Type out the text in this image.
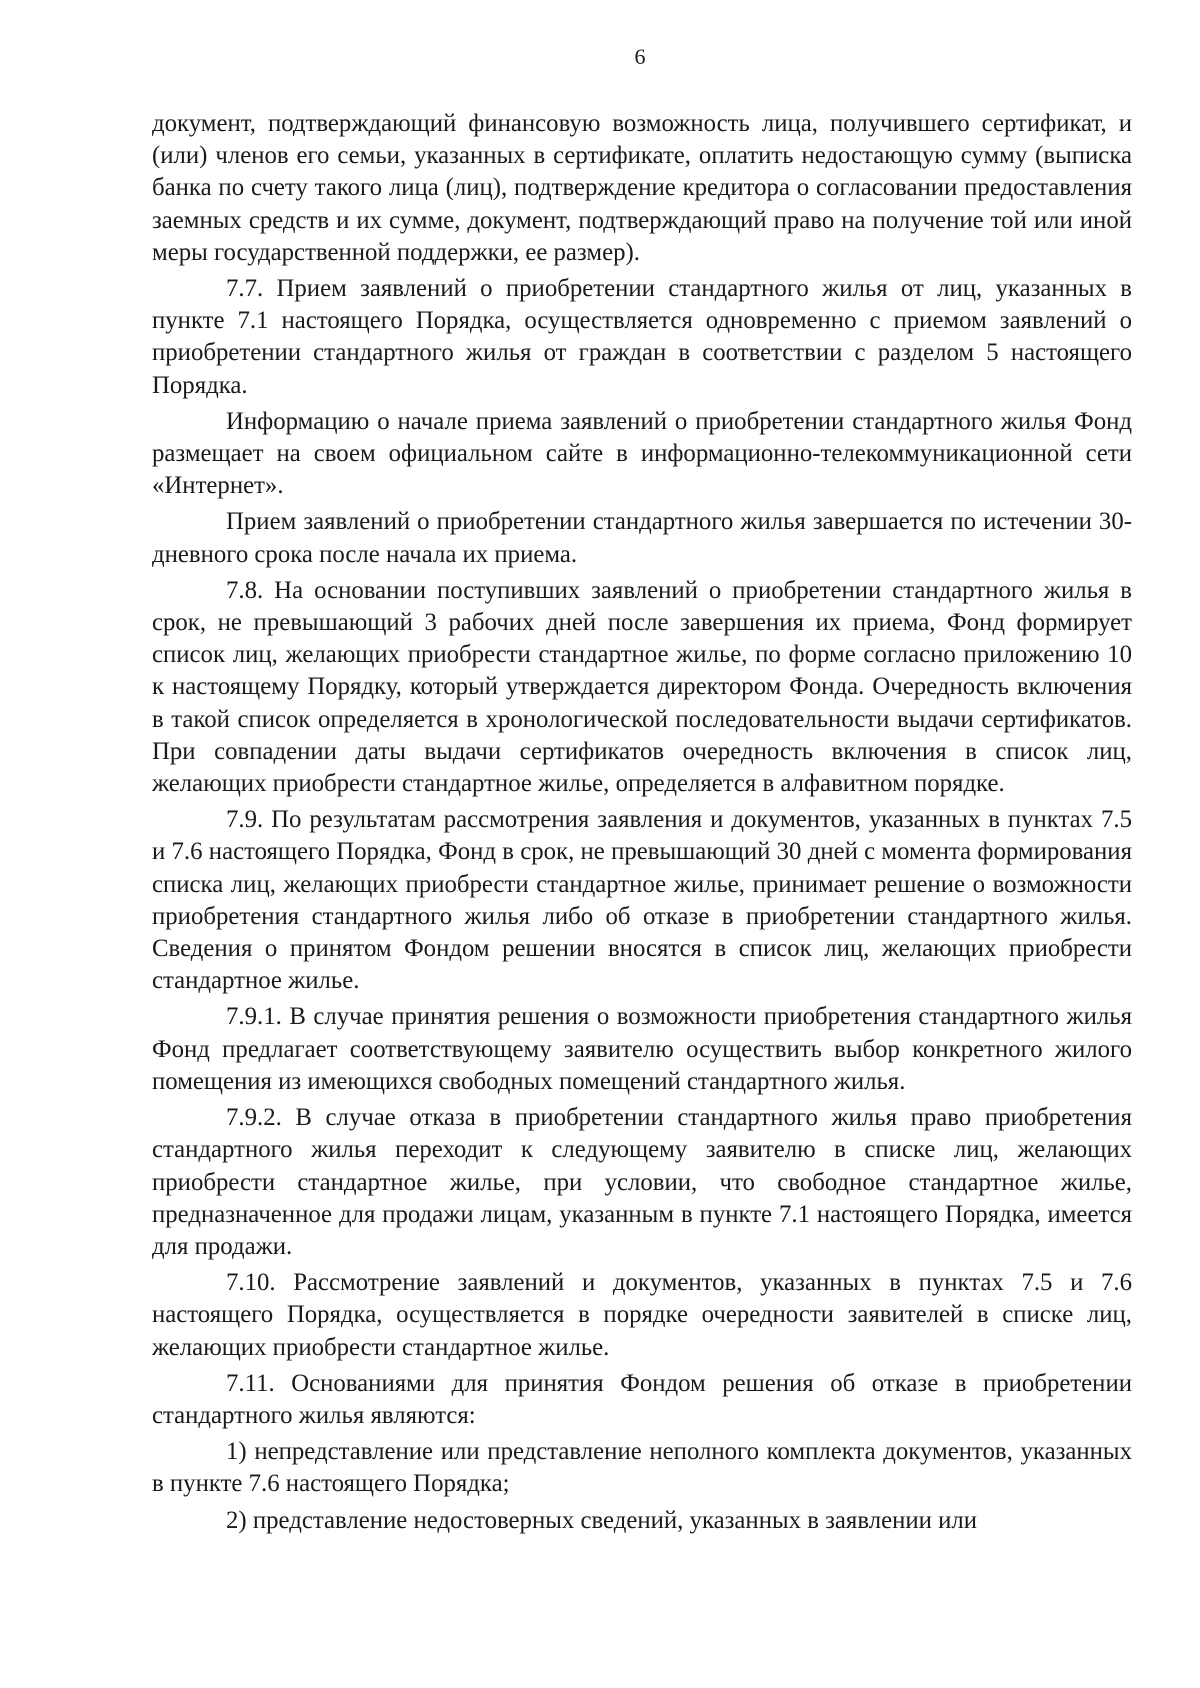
6

документ, подтверждающий финансовую возможность лица, получившего сертификат, и (или) членов его семьи, указанных в сертификате, оплатить недостающую сумму (выписка банка по счету такого лица (лиц), подтверждение кредитора о согласовании предоставления заемных средств и их сумме, документ, подтверждающий право на получение той или иной меры государственной поддержки, ее размер).

7.7. Прием заявлений о приобретении стандартного жилья от лиц, указанных в пункте 7.1 настоящего Порядка, осуществляется одновременно с приемом заявлений о приобретении стандартного жилья от граждан в соответствии с разделом 5 настоящего Порядка.

Информацию о начале приема заявлений о приобретении стандартного жилья Фонд размещает на своем официальном сайте в информационно-телекоммуникационной сети «Интернет».

Прием заявлений о приобретении стандартного жилья завершается по истечении 30-дневного срока после начала их приема.

7.8. На основании поступивших заявлений о приобретении стандартного жилья в срок, не превышающий 3 рабочих дней после завершения их приема, Фонд формирует список лиц, желающих приобрести стандартное жилье, по форме согласно приложению 10 к настоящему Порядку, который утверждается директором Фонда. Очередность включения в такой список определяется в хронологической последовательности выдачи сертификатов. При совпадении даты выдачи сертификатов очередность включения в список лиц, желающих приобрести стандартное жилье, определяется в алфавитном порядке.

7.9. По результатам рассмотрения заявления и документов, указанных в пунктах 7.5 и 7.6 настоящего Порядка, Фонд в срок, не превышающий 30 дней с момента формирования списка лиц, желающих приобрести стандартное жилье, принимает решение о возможности приобретения стандартного жилья либо об отказе в приобретении стандартного жилья. Сведения о принятом Фондом решении вносятся в список лиц, желающих приобрести стандартное жилье.

7.9.1. В случае принятия решения о возможности приобретения стандартного жилья Фонд предлагает соответствующему заявителю осуществить выбор конкретного жилого помещения из имеющихся свободных помещений стандартного жилья.

7.9.2. В случае отказа в приобретении стандартного жилья право приобретения стандартного жилья переходит к следующему заявителю в списке лиц, желающих приобрести стандартное жилье, при условии, что свободное стандартное жилье, предназначенное для продажи лицам, указанным в пункте 7.1 настоящего Порядка, имеется для продажи.

7.10. Рассмотрение заявлений и документов, указанных в пунктах 7.5 и 7.6 настоящего Порядка, осуществляется в порядке очередности заявителей в списке лиц, желающих приобрести стандартное жилье.

7.11. Основаниями для принятия Фондом решения об отказе в приобретении стандартного жилья являются:

1) непредставление или представление неполного комплекта документов, указанных в пункте 7.6 настоящего Порядка;

2) представление недостоверных сведений, указанных в заявлении или
